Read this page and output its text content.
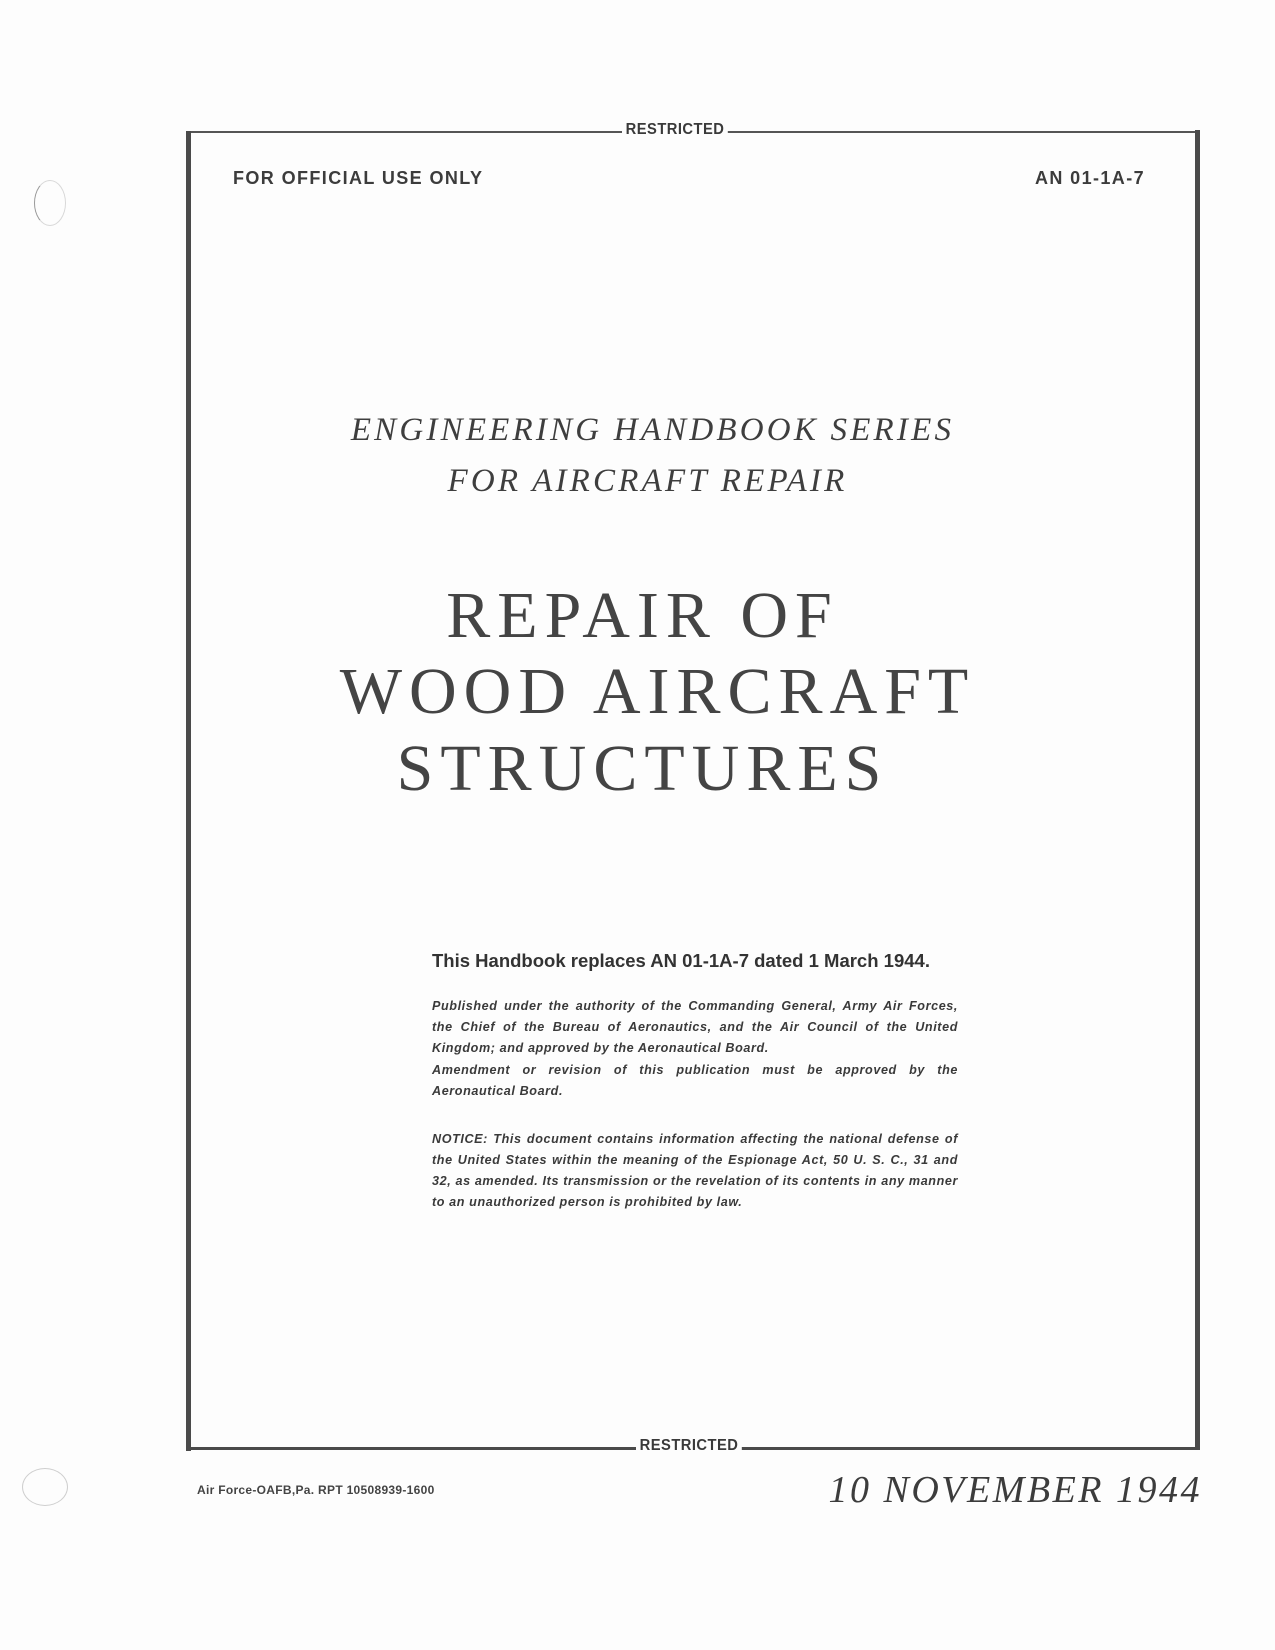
RESTRICTED
RESTRICTED
FOR OFFICIAL USE ONLY	AN 01-1A-7
ENGINEERING HANDBOOK SERIES
FOR AIRCRAFT REPAIR
REPAIR OF
WOOD AIRCRAFT
STRUCTURES
This Handbook replaces AN 01-1A-7 dated 1 March 1944.
Published under the authority of the Commanding General, Army Air Forces, the Chief of the Bureau of Aeronautics, and the Air Council of the United Kingdom; and approved by the Aeronautical Board.
Amendment or revision of this publication must be approved by the Aeronautical Board.
NOTICE: This document contains information affecting the national defense of the United States within the meaning of the Espionage Act, 50 U. S. C., 31 and 32, as amended. Its transmission or the revelation of its contents in any manner to an unauthorized person is prohibited by law.
Air Force-OAFB,Pa. RPT 10508939-1600	10 NOVEMBER 1944
